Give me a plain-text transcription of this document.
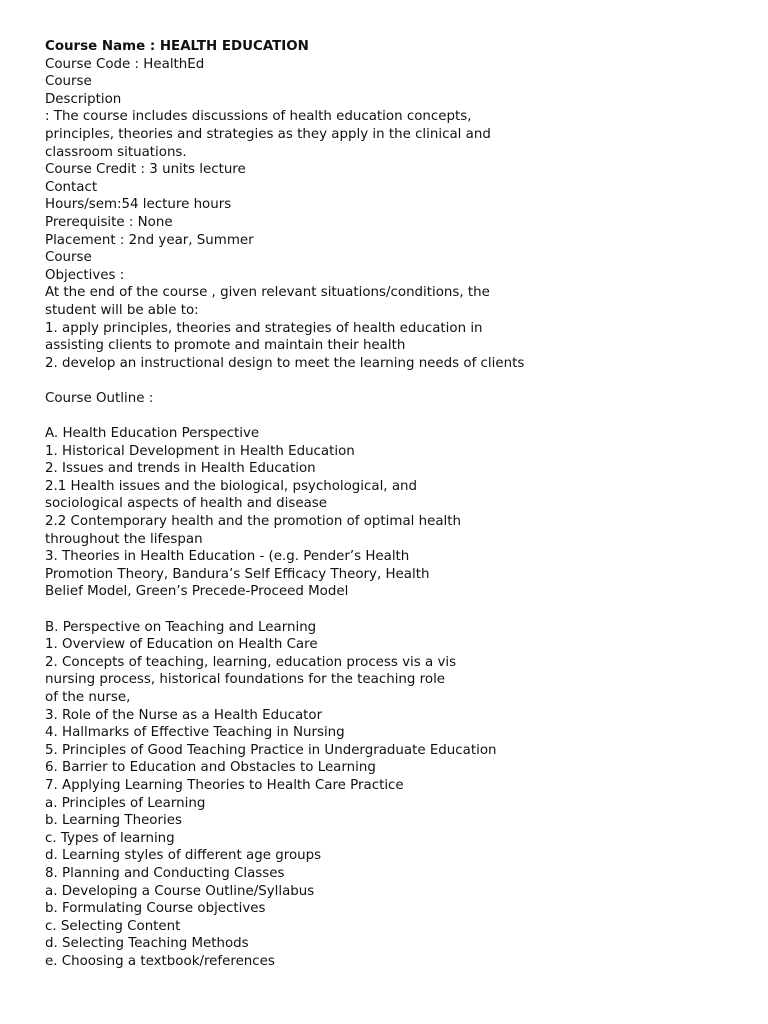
Course Name : HEALTH EDUCATION
Course Code : HealthEd
Course
Description
: The course includes discussions of health education concepts,
principles, theories and strategies as they apply in the clinical and
classroom situations.
Course Credit : 3 units lecture
Contact
Hours/sem:54 lecture hours
Prerequisite : None
Placement : 2nd year, Summer
Course
Objectives :
At the end of the course , given relevant situations/conditions, the
student will be able to:
1. apply principles, theories and strategies of health education in
assisting clients to promote and maintain their health
2. develop an instructional design to meet the learning needs of clients
Course Outline :
A. Health Education Perspective
1. Historical Development in Health Education
2. Issues and trends in Health Education
2.1 Health issues and the biological, psychological, and
sociological aspects of health and disease
2.2 Contemporary health and the promotion of optimal health
throughout the lifespan
3. Theories in Health Education - (e.g. Pender’s Health
Promotion Theory, Bandura’s Self Efficacy Theory, Health
Belief Model, Green’s Precede-Proceed Model
B. Perspective on Teaching and Learning
1. Overview of Education on Health Care
2. Concepts of teaching, learning, education process vis a vis
nursing process, historical foundations for the teaching role
of the nurse,
3. Role of the Nurse as a Health Educator
4. Hallmarks of Effective Teaching in Nursing
5. Principles of Good Teaching Practice in Undergraduate Education
6. Barrier to Education and Obstacles to Learning
7. Applying Learning Theories to Health Care Practice
a. Principles of Learning
b. Learning Theories
c. Types of learning
d. Learning styles of different age groups
8. Planning and Conducting Classes
a. Developing a Course Outline/Syllabus
b. Formulating Course objectives
c. Selecting Content
d. Selecting Teaching Methods
e. Choosing a textbook/references
